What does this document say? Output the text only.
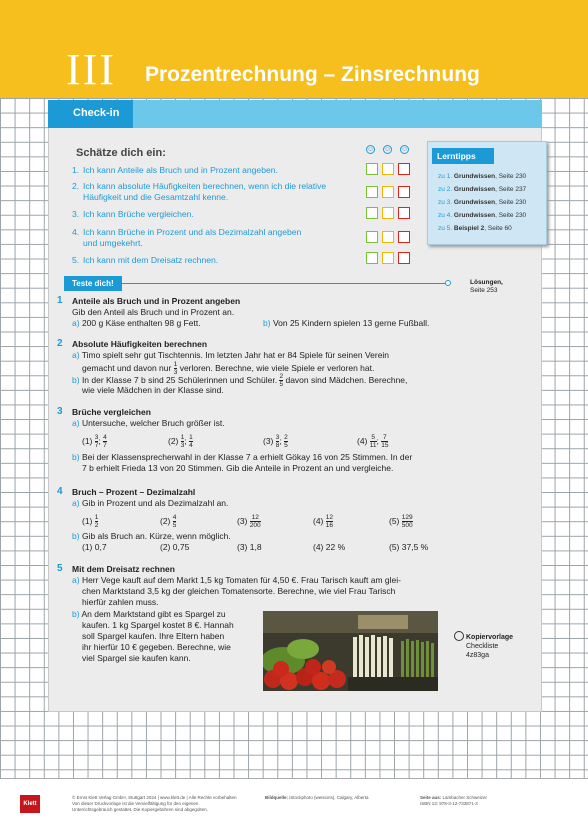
III Prozentrechnung – Zinsrechnung
Check-in
Schätze dich ein:	☺ ☺ ☺
1. Ich kann Anteile als Bruch und in Prozent angeben.
2. Ich kann absolute Häufigkeiten berechnen, wenn ich die relative
Häufigkeit und die Gesamtzahl kenne.
3. Ich kann Brüche vergleichen.
4. Ich kann Brüche in Prozent und als Dezimalzahl angeben
und umgekehrt.
5. Ich kann mit dem Dreisatz rechnen.
Lerntipps
zu 1. Grundwissen, Seite 230
zu 2. Grundwissen, Seite 237
zu 3. Grundwissen, Seite 230
zu 4. Grundwissen, Seite 230
zu 5. Beispiel 2, Seite 60
Teste dich!	Lösungen,
Seite 253
1 Anteile als Bruch und in Prozent angeben
Gib den Anteil als Bruch und in Prozent an.
a) 200 g Käse enthalten 98 g Fett.	b) Von 25 Kindern spielen 13 gerne Fußball.
2 Absolute Häufigkeiten berechnen
a) Timo spielt sehr gut Tischtennis. Im letzten Jahr hat er 84 Spiele für seinen Verein
gemacht und davon nur $\frac{1}{3}$ verloren. Berechne, wie viele Spiele er verloren hat.
b) In der Klasse 7 b sind 25 Schülerinnen und Schüler. $\frac{2}{5}$ davon sind Mädchen. Berechne,
wie viele Mädchen in der Klasse sind.
3 Brüche vergleichen
a) Untersuche, welcher Bruch größer ist.
$(1) \frac{3}{7}$ ; $\frac{4}{7}$	$(2) \frac{1}{3}$ ; $\frac{1}{4}$	$(3) \frac{3}{8}$ ; $\frac{2}{5}$	$(4) \frac{5}{11}$ ; $\frac{7}{15}$
b) Bei der Klassensprecherwahl in der Klasse 7 a erhielt Gökay 16 von 25 Stimmen. In der
7 b erhielt Frieda 13 von 20 Stimmen. Gib die Anteile in Prozent an und vergleiche.
4 Bruch – Prozent – Dezimalzahl
a) Gib in Prozent und als Dezimalzahl an.
$(1) \frac{1}{2}$	$(2) \frac{4}{5}$	$(3) \frac{12}{200}$	$(4) \frac{12}{16}$	$(5) \frac{129}{500}$
b) Gib als Bruch an. Kürze, wenn möglich.
(1) 0,7	(2) 0,75	(3) 1,8	(4) 22 %	(5) 37,5 %
5 Mit dem Dreisatz rechnen
a) Herr Vege kauft auf dem Markt 1,5 kg Tomaten für 4,50 €. Frau Tarisch kauft am glei-
chen Marktstand 3,5 kg der gleichen Tomatensorte. Berechne, wie viel Frau Tarisch
hierfür zahlen muss.
b) An dem Marktstand gibt es Spargel zu
kaufen. 1 kg Spargel kostet 8 €. Hannah
soll Spargel kaufen. Ihre Eltern haben
ihr hierfür 10 € gegeben. Berechne, wie
viel Spargel sie kaufen kann.
Kopiervorlage
Checkliste
4z83ga
Klett
© Ernst Klett Verlag GmbH, Stuttgart 2024 | www.klett.de | Alle Rechte vorbehalten
Von dieser Druckvorlage ist die Vervielfältigung für den eigenen
Unterrichtsgebrauch gestattet. Die Kopiergebühren sind abgegolten.
Bildquelle: iStockphoto (weisions), Calgary, Alberta	Seite aus: Lambacher Schweizer
ISBN 13: 978-3-12-733871-3
